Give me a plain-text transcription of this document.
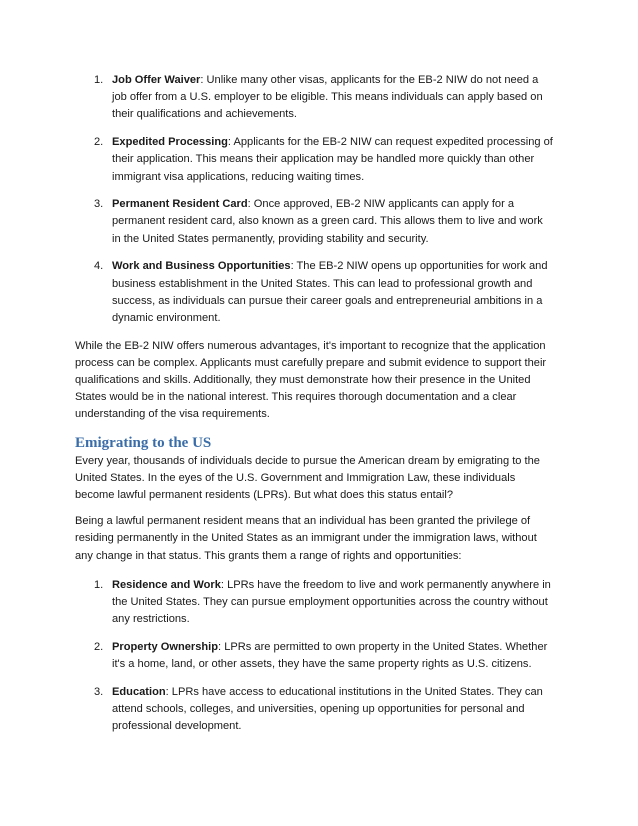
1. Job Offer Waiver: Unlike many other visas, applicants for the EB-2 NIW do not need a job offer from a U.S. employer to be eligible. This means individuals can apply based on their qualifications and achievements.
2. Expedited Processing: Applicants for the EB-2 NIW can request expedited processing of their application. This means their application may be handled more quickly than other immigrant visa applications, reducing waiting times.
3. Permanent Resident Card: Once approved, EB-2 NIW applicants can apply for a permanent resident card, also known as a green card. This allows them to live and work in the United States permanently, providing stability and security.
4. Work and Business Opportunities: The EB-2 NIW opens up opportunities for work and business establishment in the United States. This can lead to professional growth and success, as individuals can pursue their career goals and entrepreneurial ambitions in a dynamic environment.

While the EB-2 NIW offers numerous advantages, it's important to recognize that the application process can be complex. Applicants must carefully prepare and submit evidence to support their qualifications and skills. Additionally, they must demonstrate how their presence in the United States would be in the national interest. This requires thorough documentation and a clear understanding of the visa requirements.

Emigrating to the US

Every year, thousands of individuals decide to pursue the American dream by emigrating to the United States. In the eyes of the U.S. Government and Immigration Law, these individuals become lawful permanent residents (LPRs). But what does this status entail?

Being a lawful permanent resident means that an individual has been granted the privilege of residing permanently in the United States as an immigrant under the immigration laws, without any change in that status. This grants them a range of rights and opportunities:

1. Residence and Work: LPRs have the freedom to live and work permanently anywhere in the United States. They can pursue employment opportunities across the country without any restrictions.
2. Property Ownership: LPRs are permitted to own property in the United States. Whether it's a home, land, or other assets, they have the same property rights as U.S. citizens.
3. Education: LPRs have access to educational institutions in the United States. They can attend schools, colleges, and universities, opening up opportunities for personal and professional development.
